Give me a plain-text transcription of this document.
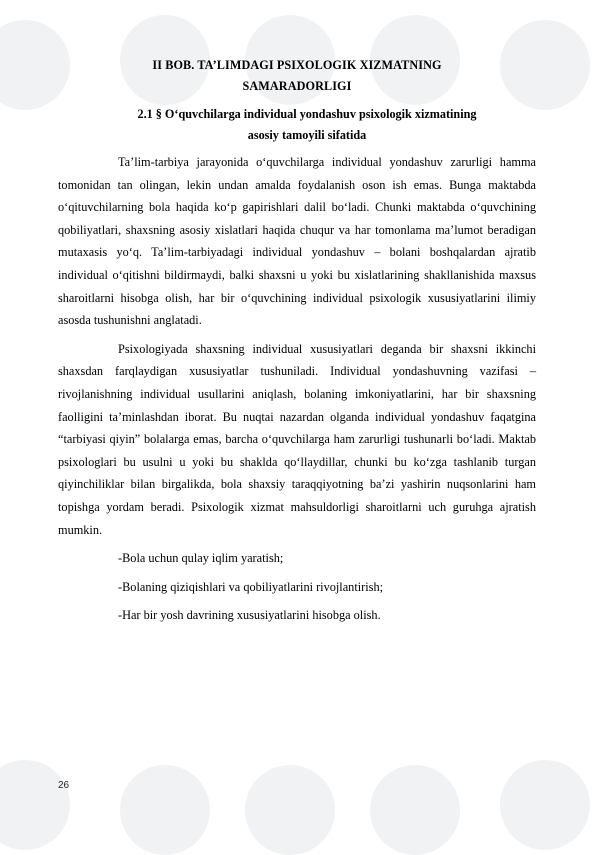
II BOB. TA’LIMDAGI PSIXOLOGIK XIZMATNING
SAMARADORLIGI
2.1 § O‘quvchilarga individual yondashuv psixologik xizmatining
asosiy tamoyili sifatida

Ta’lim-tarbiya jarayonida o‘quvchilarga individual yondashuv zarurligi hamma tomonidan tan olingan, lekin undan amalda foydalanish oson ish emas. Bunga maktabda o‘qituvchilarning bola haqida ko‘p gapirishlari dalil bo‘ladi. Chunki maktabda o‘quvchining qobiliyatlari, shaxsning asosiy xislatlari haqida chuqur va har tomonlama ma’lumot beradigan mutaxasis yo‘q. Ta’lim-tarbiyadagi individual yondashuv – bolani boshqalardan ajratib individual o‘qitishni bildirmaydi, balki shaxsni u yoki bu xislatlarining shakllanishida maxsus sharoitlarni hisobga olish, har bir o‘quvchining individual psixologik xususiyatlarini ilimiy asosda tushunishni anglatadi.

Psixologiyada shaxsning individual xususiyatlari deganda bir shaxsni ikkinchi shaxsdan farqlaydigan xususiyatlar tushuniladi. Individual yondashuvning vazifasi – rivojlanishning individual usullarini aniqlash, bolaning imkoniyatlarini, har bir shaxsning faolligini ta’minlashdan iborat. Bu nuqtai nazardan olganda individual yondashuv faqatgina “tarbiyasi qiyin” bolalarga emas, barcha o‘quvchilarga ham zarurligi tushunarli bo‘ladi. Maktab psixologlari bu usulni u yoki bu shaklda qo‘llaydillar, chunki bu ko‘zga tashlanib turgan qiyinchiliklar bilan birgalikda, bola shaxsiy taraqqiyotning ba’zi yashirin nuqsonlarini ham topishga yordam beradi. Psixologik xizmat mahsuldorligi sharoitlarni uch guruhga ajratish mumkin.

-Bola uchun qulay iqlim yaratish;

-Bolaning qiziqishlari va qobiliyatlarini rivojlantirish;

-Har bir yosh davrining xususiyatlarini hisobga olish.

26
